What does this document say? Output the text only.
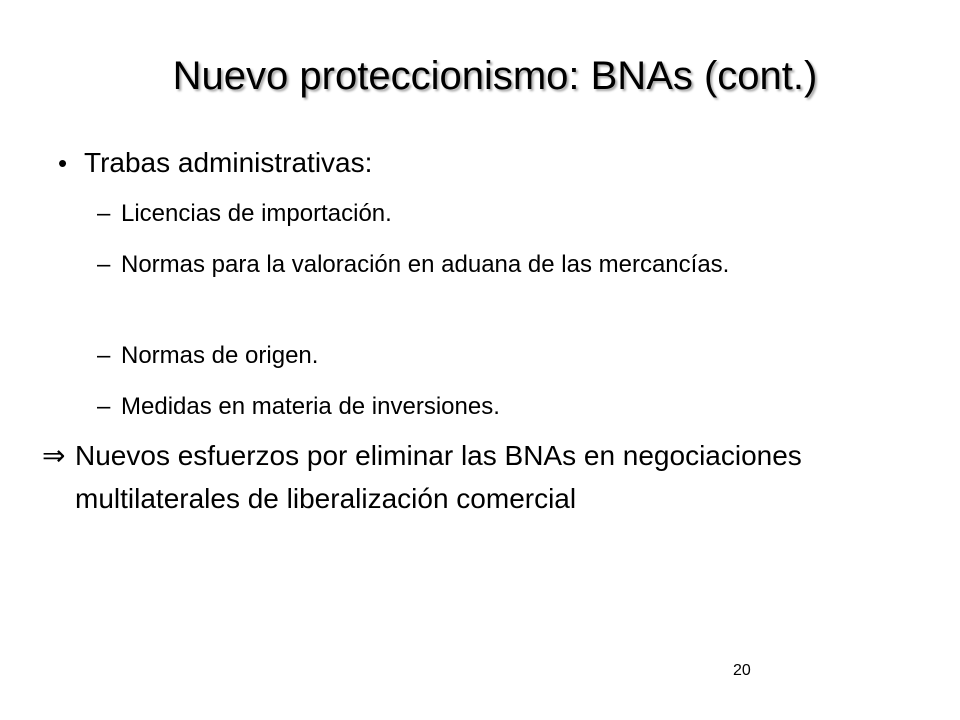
Nuevo proteccionismo: BNAs (cont.)
• Trabas administrativas:
– Licencias de importación.
– Normas para la valoración en aduana de las mercancías.
– Normas de origen.
– Medidas en materia de inversiones.
⇒ Nuevos esfuerzos por eliminar las BNAs en negociaciones multilaterales de liberalización comercial
20
